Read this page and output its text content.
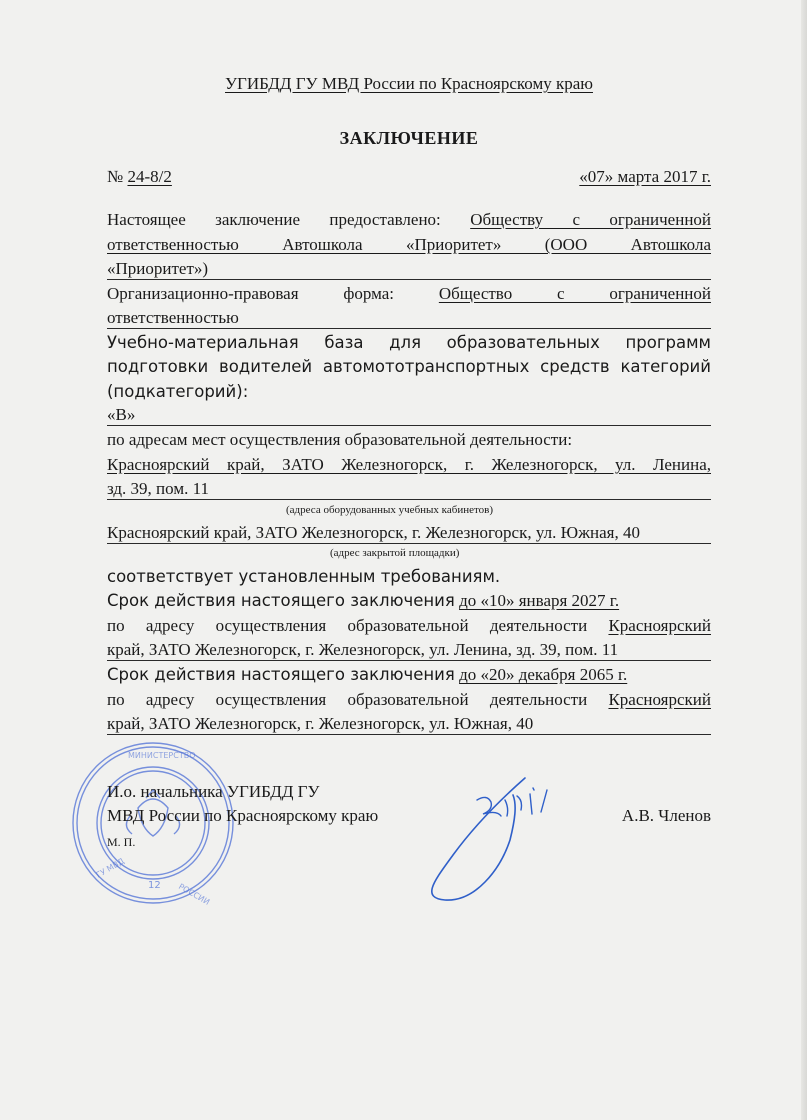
УГИБДД ГУ МВД России по Красноярскому краю
ЗАКЛЮЧЕНИЕ
№ 24-8/2	«07» марта 2017 г.
Настоящее заключение предоставлено: Обществу с ограниченной
ответственностью Автошкола «Приоритет» (ООО Автошкола
«Приоритет»)
Организационно-правовая форма:	Общество с ограниченной
ответственностью
Учебно-материальная база для образовательных программ
подготовки водителей автомототранспортных средств категорий
(подкатегорий):
«В»
по адресам мест осуществления образовательной деятельности:
Красноярский край, ЗАТО Железногорск, г. Железногорск, ул. Ленина,
зд. 39, пом. 11
(адреса оборудованных учебных кабинетов)
Красноярский край, ЗАТО Железногорск, г. Железногорск, ул. Южная, 40
(адрес закрытой площадки)
соответствует установленным требованиям.
Срок действия настоящего заключения до «10» января 2027 г.
по адресу осуществления образовательной деятельности Красноярский
край, ЗАТО Железногорск, г. Железногорск, ул. Ленина, зд. 39, пом. 11
Срок действия настоящего заключения до «20» декабря 2065 г.
по адресу осуществления образовательной деятельности Красноярский
край, ЗАТО Железногорск, г. Железногорск, ул. Южная, 40
МИНИСТЕРСТВО
ГУ МВД
РОССИИ
12
И.о. начальника УГИБДД ГУ
МВД России по Красноярскому краю	А.В. Членов
М. П.
